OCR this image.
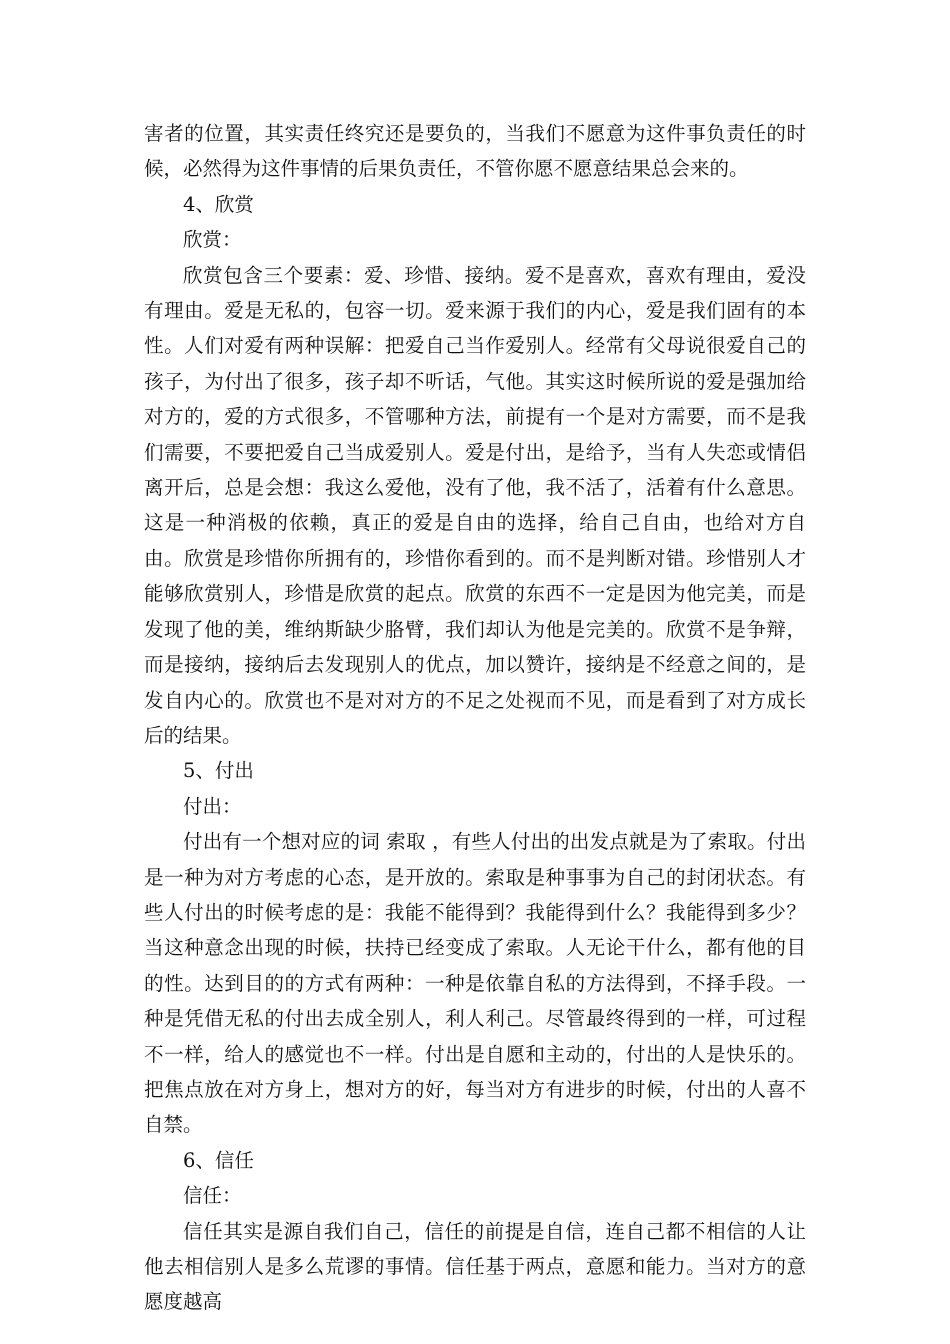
害者的位置，其实责任终究还是要负的，当我们不愿意为这件事负责任的时候，必然得为这件事情的后果负责任，不管你愿不愿意结果总会来的。

4、欣赏

欣赏：

欣赏包含三个要素：爱、珍惜、接纳。爱不是喜欢，喜欢有理由，爱没有理由。爱是无私的，包容一切。爱来源于我们的内心，爱是我们固有的本性。人们对爱有两种误解：把爱自己当作爱别人。经常有父母说很爱自己的孩子，为付出了很多，孩子却不听话，气他。其实这时候所说的爱是强加给对方的，爱的方式很多，不管哪种方法，前提有一个是对方需要，而不是我们需要，不要把爱自己当成爱别人。爱是付出，是给予，当有人失恋或情侣离开后，总是会想：我这么爱他，没有了他，我不活了，活着有什么意思。这是一种消极的依赖，真正的爱是自由的选择，给自己自由，也给对方自由。欣赏是珍惜你所拥有的，珍惜你看到的。而不是判断对错。珍惜别人才能够欣赏别人，珍惜是欣赏的起点。欣赏的东西不一定是因为他完美，而是发现了他的美，维纳斯缺少胳臂，我们却认为他是完美的。欣赏不是争辩，而是接纳，接纳后去发现别人的优点，加以赞许，接纳是不经意之间的，是发自内心的。欣赏也不是对对方的不足之处视而不见，而是看到了对方成长后的结果。

5、付出

付出：

付出有一个想对应的词 索取 ，有些人付出的出发点就是为了索取。付出是一种为对方考虑的心态，是开放的。索取是种事事为自己的封闭状态。有些人付出的时候考虑的是：我能不能得到？我能得到什么？我能得到多少？当这种意念出现的时候，扶持已经变成了索取。人无论干什么，都有他的目的性。达到目的的方式有两种：一种是依靠自私的方法得到，不择手段。一种是凭借无私的付出去成全别人，利人利己。尽管最终得到的一样，可过程不一样，给人的感觉也不一样。付出是自愿和主动的，付出的人是快乐的。把焦点放在对方身上，想对方的好，每当对方有进步的时候，付出的人喜不自禁。

6、信任

信任：

信任其实是源自我们自己，信任的前提是自信，连自己都不相信的人让他去相信别人是多么荒谬的事情。信任基于两点，意愿和能力。当对方的意愿度越高
